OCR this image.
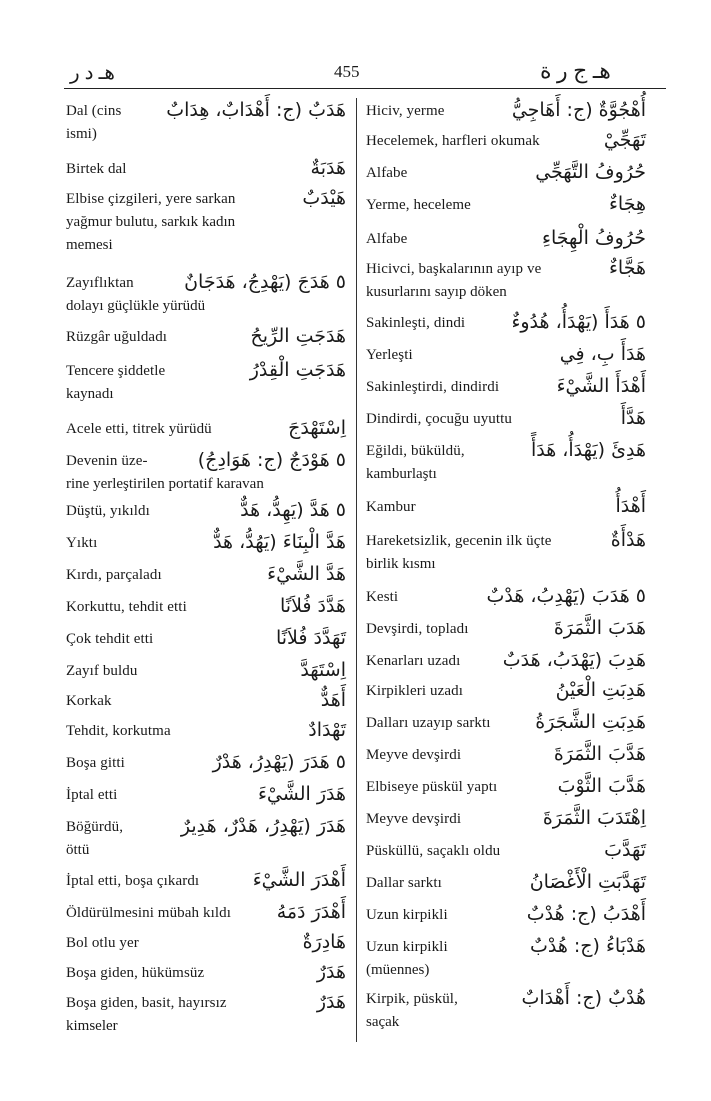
هـ د ر	455	هـ ج ر ة
Dal (cins
ismi)
هَدَبٌ (ج: أَهْدَابٌ، هِدَابٌ
Birtek dal	هَدَبَةٌ
Elbise çizgileri, yere sarkan
yağmur bulutu, sarkık kadın
memesi
هَيْدَبٌ
Zayıflıktan
dolayı güçlükle yürüdü
٥ هَدَجَ (يَهْدِجُ، هَدَجَانٌ
Rüzgâr uğuldadı	هَدَجَتِ الرِّيحُ
Tencere şiddetle
kaynadı
هَدَجَتِ الْقِدْرُ
Acele etti, titrek yürüdü	اِسْتَهْدَجَ
Devenin üze-
rine yerleştirilen portatif karavan
٥ هَوْدَجٌ (ج: هَوَادِجُ)
Düştü, yıkıldı	٥ هَدَّ (يَهِدُّ، هَدٌّ
Yıktı	هَدَّ الْبِنَاءَ (يَهُدُّ، هَدٌّ
Kırdı, parçaladı	هَدَّ الشَّيْءَ
Korkuttu, tehdit etti	هَدَّدَ فُلاَنًا
Çok tehdit etti	تَهَدَّدَ فُلاَنًا
Zayıf buldu	اِسْتَهَدَّ
Korkak	أَهَدٌّ
Tehdit, korkutma	تَهْدَادٌ
Boşa gitti	٥ هَدَرَ (يَهْدِرُ، هَدْرٌ
İptal etti	هَدَرَ الشَّيْءَ
Böğürdü,
öttü
هَدَرَ (يَهْدِرُ، هَدْرٌ، هَدِيرٌ
İptal etti, boşa çıkardı	أَهْدَرَ الشَّيْءَ
Öldürülmesini mübah kıldı أَهْدَرَ دَمَهُ
Bol otlu yer	هَادِرَةٌ
Boşa giden, hükümsüz	هَدَرٌ
Boşa giden, basit, hayırsız
kimseler
هَدَرٌ
Hiciv, yerme	أُهْجُوَّةٌ (ج: أَهَاجِيُّ
Hecelemek, harfleri okumak	تَهَجِّيْ
Alfabe	حُرُوفُ التَّهَجِّي
Yerme, heceleme	هِجَاءٌ
Alfabe	حُرُوفُ الْهِجَاءِ
Hicivci, başkalarının ayıp ve
kusurlarını sayıp döken
هَجَّاءٌ
Sakinleşti, dindi ٥ هَدَأَ (يَهْدَأُ، هُدُوءٌ
Yerleşti	هَدَأَ بِ، فِي
Sakinleştirdi, dindirdi	أَهْدَأَ الشَّيْءَ
Dindirdi, çocuğu uyuttu	هَدَّأَ
Eğildi, büküldü,
kamburlaştı
هَدِئَ (يَهْدَأُ، هَدَأً
Kambur	أَهْدَأُ
Hareketsizlik, gecenin ilk üçte
birlik kısmı
هَدْأَةٌ
Kesti	٥ هَدَبَ (يَهْدِبُ، هَدْبٌ
Devşirdi, topladı	هَدَبَ الثَّمَرَةَ
Kenarları uzadı هَدِبَ (يَهْدَبُ، هَدَبٌ
Kirpikleri uzadı	هَدِبَتِ الْعَيْنُ
Dalları uzayıp sarktı هَدِبَتِ الشَّجَرَةُ
Meyve devşirdi	هَدَّبَ الثَّمَرَةَ
Elbiseye püskül yaptı	هَدَّبَ الثَّوْبَ
Meyve devşirdi	اِهْتَدَبَ الثَّمَرَةَ
Püsküllü, saçaklı oldu	تَهَدَّبَ
Dallar sarktı	تَهَدَّبَتِ الْأَغْصَانُ
Uzun kirpikli	أَهْدَبُ (ج: هُدْبٌ
Uzun kirpikli
(müennes)
هَدْبَاءُ (ج: هُدْبٌ
Kirpik, püskül,
saçak
هُدْبٌ (ج: أَهْدَابٌ
